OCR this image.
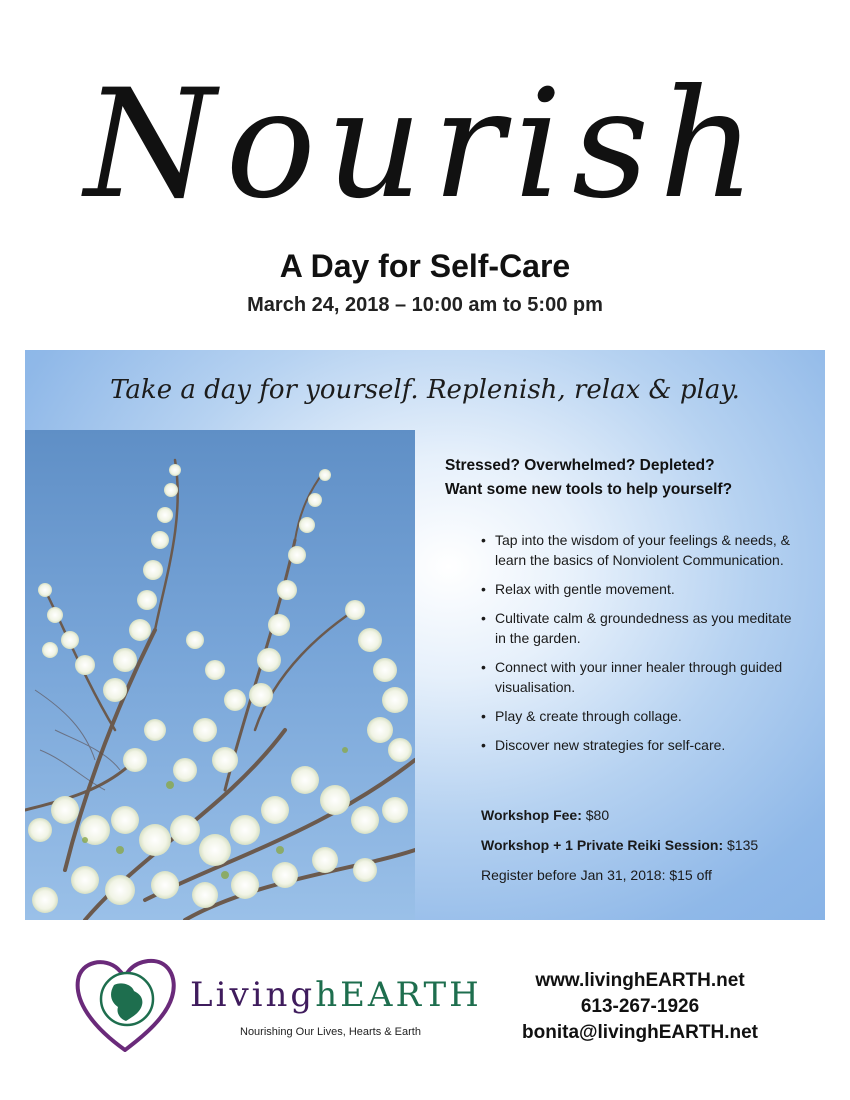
Nourish
A Day for Self-Care
March 24, 2018 – 10:00 am to 5:00 pm
Take a day for yourself. Replenish, relax & play.
Stressed? Overwhelmed? Depleted?
Want some new tools to help yourself?
• Tap into the wisdom of your feelings & needs, & learn the basics of Nonviolent Communication.
• Relax with gentle movement.
• Cultivate calm & groundedness as you meditate in the garden.
• Connect with your inner healer through guided visualisation.
• Play & create through collage.
• Discover new strategies for self-care.
Workshop Fee: $80
Workshop + 1 Private Reiki Session: $135
Register before Jan 31, 2018: $15 off
LivinghEARTH
Nourishing Our Lives, Hearts & Earth
www.livinghEARTH.net
613-267-1926
bonita@livinghEARTH.net
